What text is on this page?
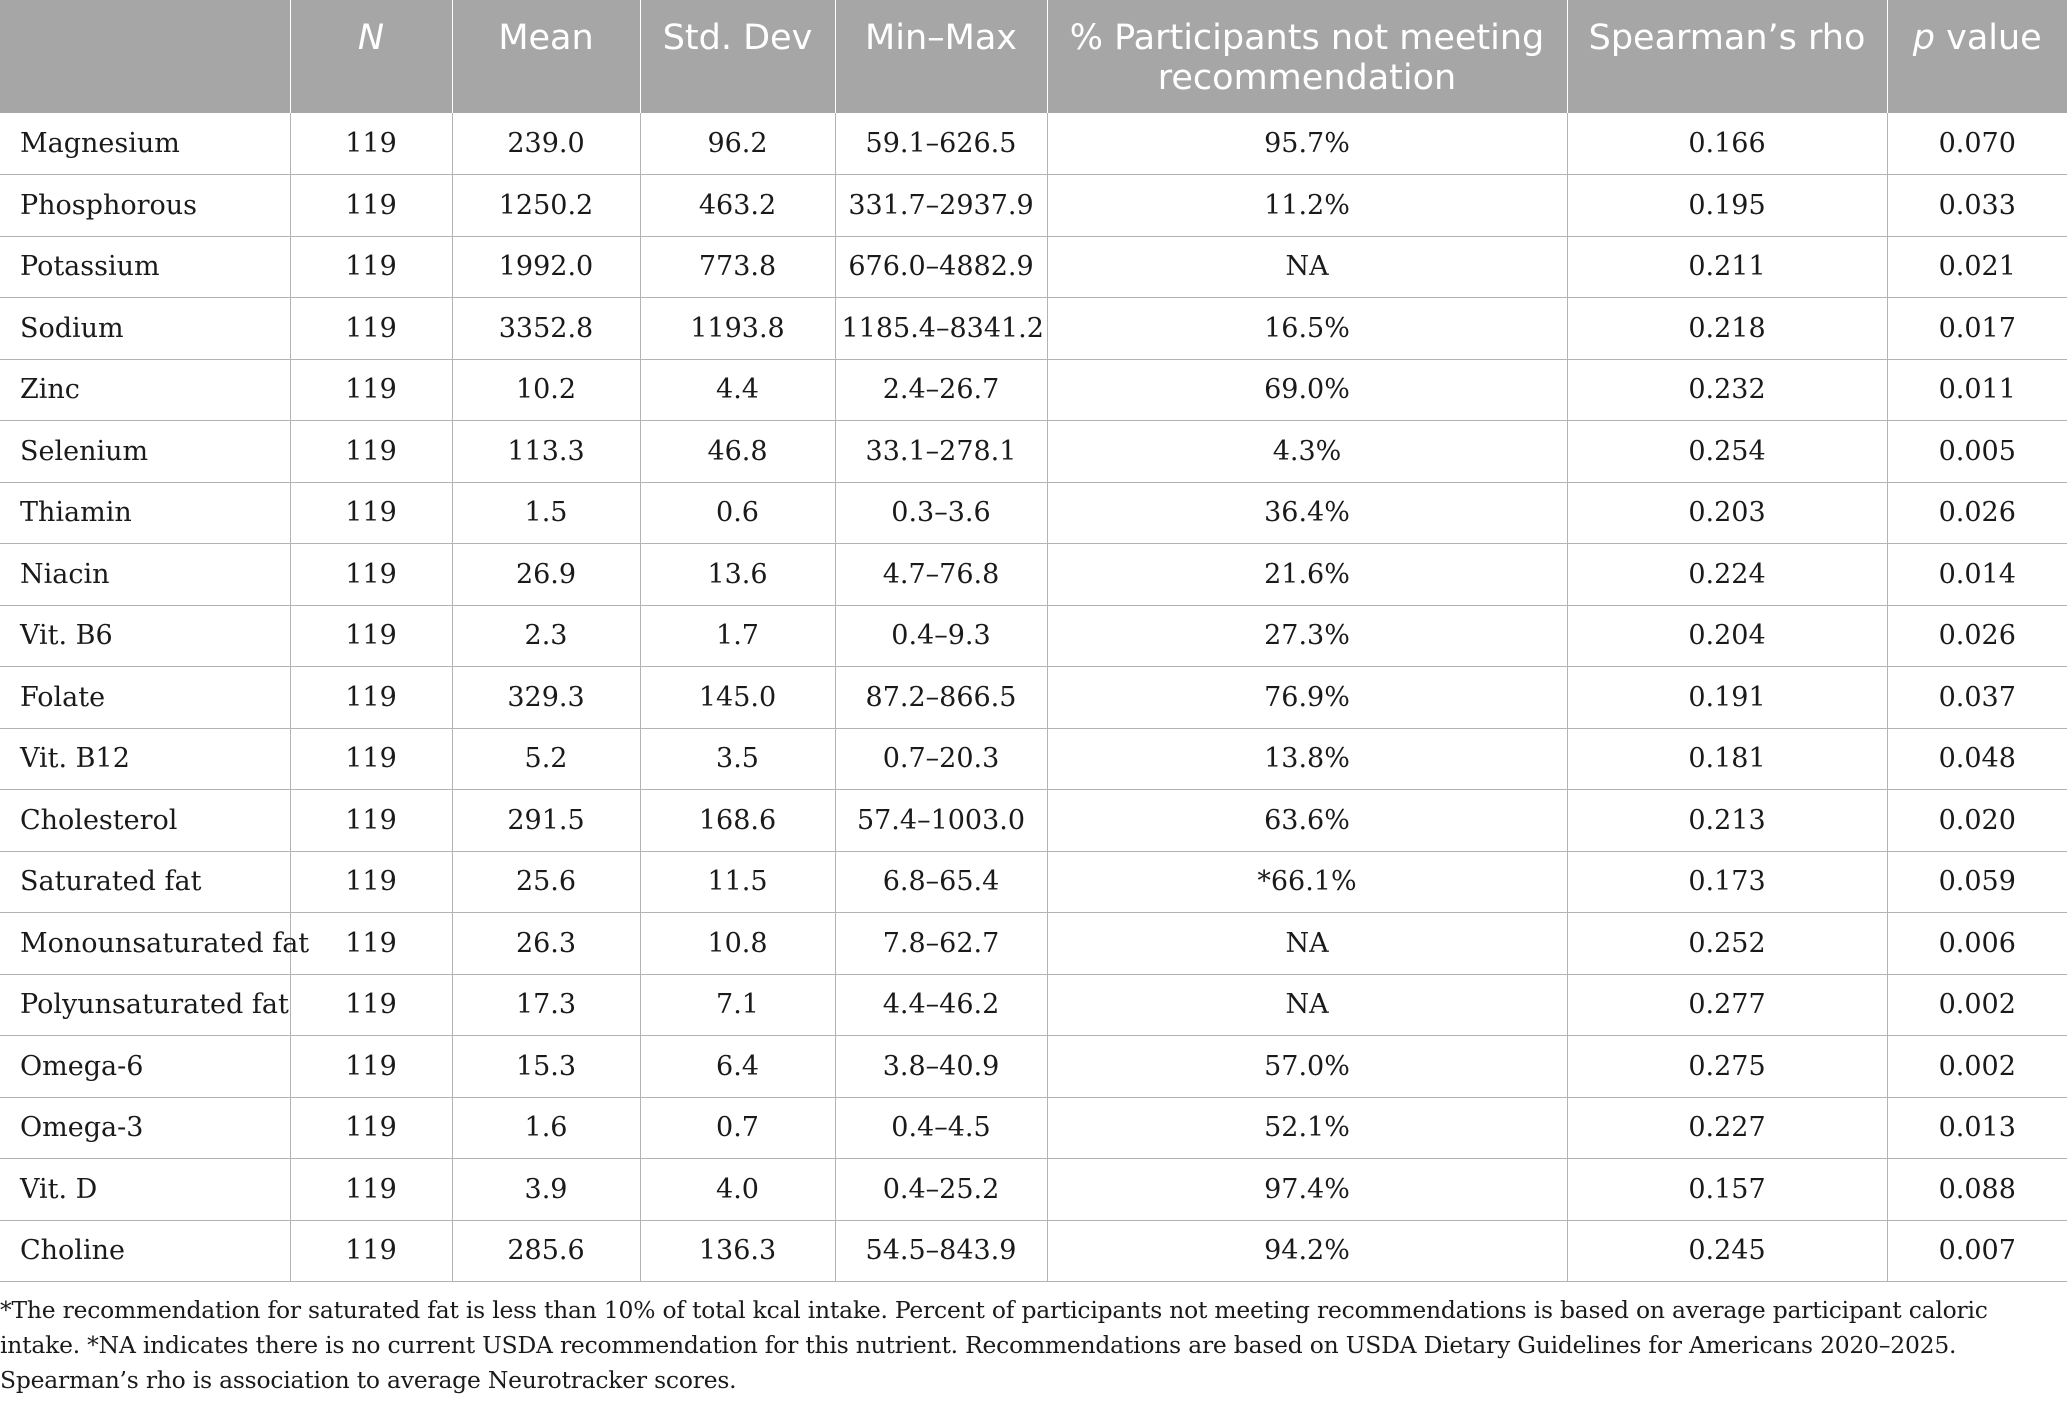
	N	Mean	Std. Dev	Min–Max	% Participants not meeting recommendation	Spearman’s rho	p value
Magnesium	119	239.0	96.2	59.1–626.5	95.7%	0.166	0.070
Phosphorous	119	1250.2	463.2	331.7–2937.9	11.2%	0.195	0.033
Potassium	119	1992.0	773.8	676.0–4882.9	NA	0.211	0.021
Sodium	119	3352.8	1193.8	1185.4–8341.2	16.5%	0.218	0.017
Zinc	119	10.2	4.4	2.4–26.7	69.0%	0.232	0.011
Selenium	119	113.3	46.8	33.1–278.1	4.3%	0.254	0.005
Thiamin	119	1.5	0.6	0.3–3.6	36.4%	0.203	0.026
Niacin	119	26.9	13.6	4.7–76.8	21.6%	0.224	0.014
Vit. B6	119	2.3	1.7	0.4–9.3	27.3%	0.204	0.026
Folate	119	329.3	145.0	87.2–866.5	76.9%	0.191	0.037
Vit. B12	119	5.2	3.5	0.7–20.3	13.8%	0.181	0.048
Cholesterol	119	291.5	168.6	57.4–1003.0	63.6%	0.213	0.020
Saturated fat	119	25.6	11.5	6.8–65.4	*66.1%	0.173	0.059
Monounsaturated fat	119	26.3	10.8	7.8–62.7	NA	0.252	0.006
Polyunsaturated fat	119	17.3	7.1	4.4–46.2	NA	0.277	0.002
Omega-6	119	15.3	6.4	3.8–40.9	57.0%	0.275	0.002
Omega-3	119	1.6	0.7	0.4–4.5	52.1%	0.227	0.013
Vit. D	119	3.9	4.0	0.4–25.2	97.4%	0.157	0.088
Choline	119	285.6	136.3	54.5–843.9	94.2%	0.245	0.007
*The recommendation for saturated fat is less than 10% of total kcal intake. Percent of participants not meeting recommendations is based on average participant caloric intake. *NA indicates there is no current USDA recommendation for this nutrient. Recommendations are based on USDA Dietary Guidelines for Americans 2020–2025. Spearman’s rho is association to average Neurotracker scores.
